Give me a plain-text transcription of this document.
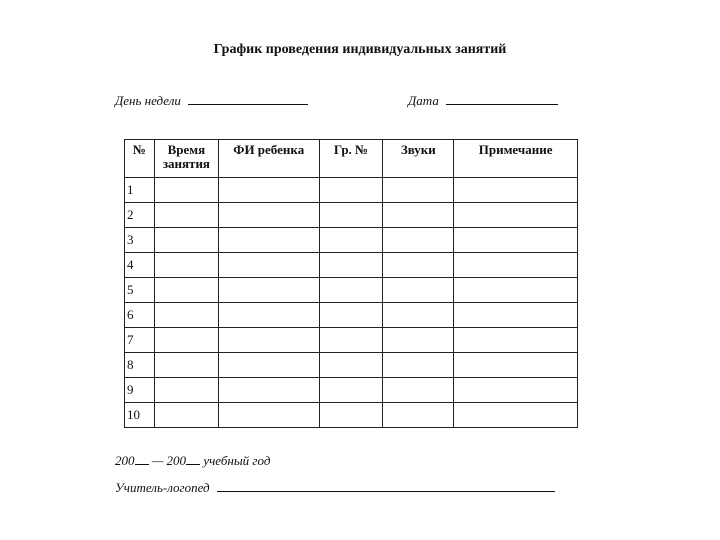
График проведения индивидуальных занятий
День недели	Дата
№	Время занятия	ФИ ребенка	Гр. №	Звуки	Примечание
1					
2					
3					
4					
5					
6					
7					
8					
9					
10					
200 — 200 учебный год
Учитель-логопед
